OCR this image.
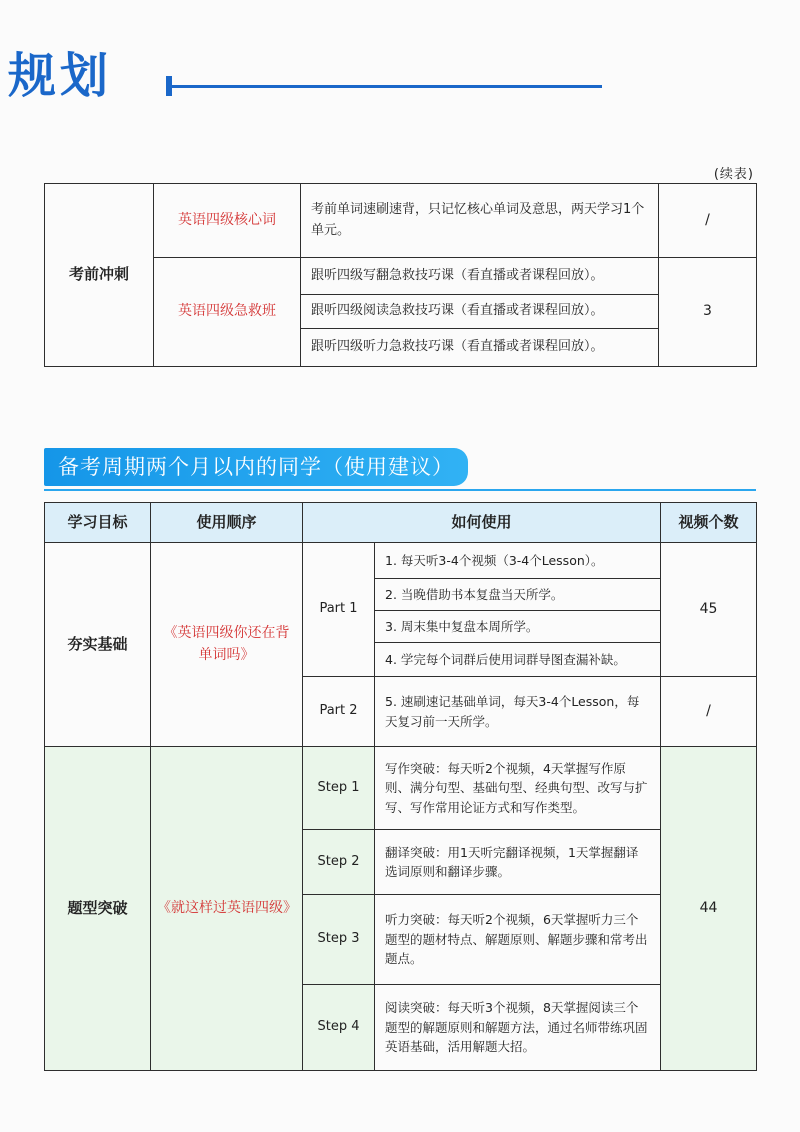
规划
(续表)
考前冲刺	英语四级核心词	考前单词速刷速背，只记忆核心单词及意思，两天学习1个单元。	/
	英语四级急救班	跟听四级写翻急救技巧课（看直播或者课程回放）。	3
		跟听四级阅读急救技巧课（看直播或者课程回放）。	
		跟听四级听力急救技巧课（看直播或者课程回放）。	
备考周期两个月以内的同学（使用建议）
学习目标	使用顺序	如何使用		视频个数
夯实基础	《英语四级你还在背单词吗》	Part 1	1. 每天听3-4个视频（3-4个Lesson）。	45
			2. 当晚借助书本复盘当天所学。	
			3. 周末集中复盘本周所学。	
			4. 学完每个词群后使用词群导图查漏补缺。	
		Part 2	5. 速刷速记基础单词，每天3-4个Lesson，每天复习前一天所学。	/
题型突破	《就这样过英语四级》	Step 1	写作突破：每天听2个视频，4天掌握写作原则、满分句型、基础句型、经典句型、改写与扩写、写作常用论证方式和写作类型。	44
		Step 2	翻译突破：用1天听完翻译视频，1天掌握翻译选词原则和翻译步骤。	
		Step 3	听力突破：每天听2个视频，6天掌握听力三个题型的题材特点、解题原则、解题步骤和常考出题点。	
		Step 4	阅读突破：每天听3个视频，8天掌握阅读三个题型的解题原则和解题方法，通过名师带练巩固英语基础，活用解题大招。	
